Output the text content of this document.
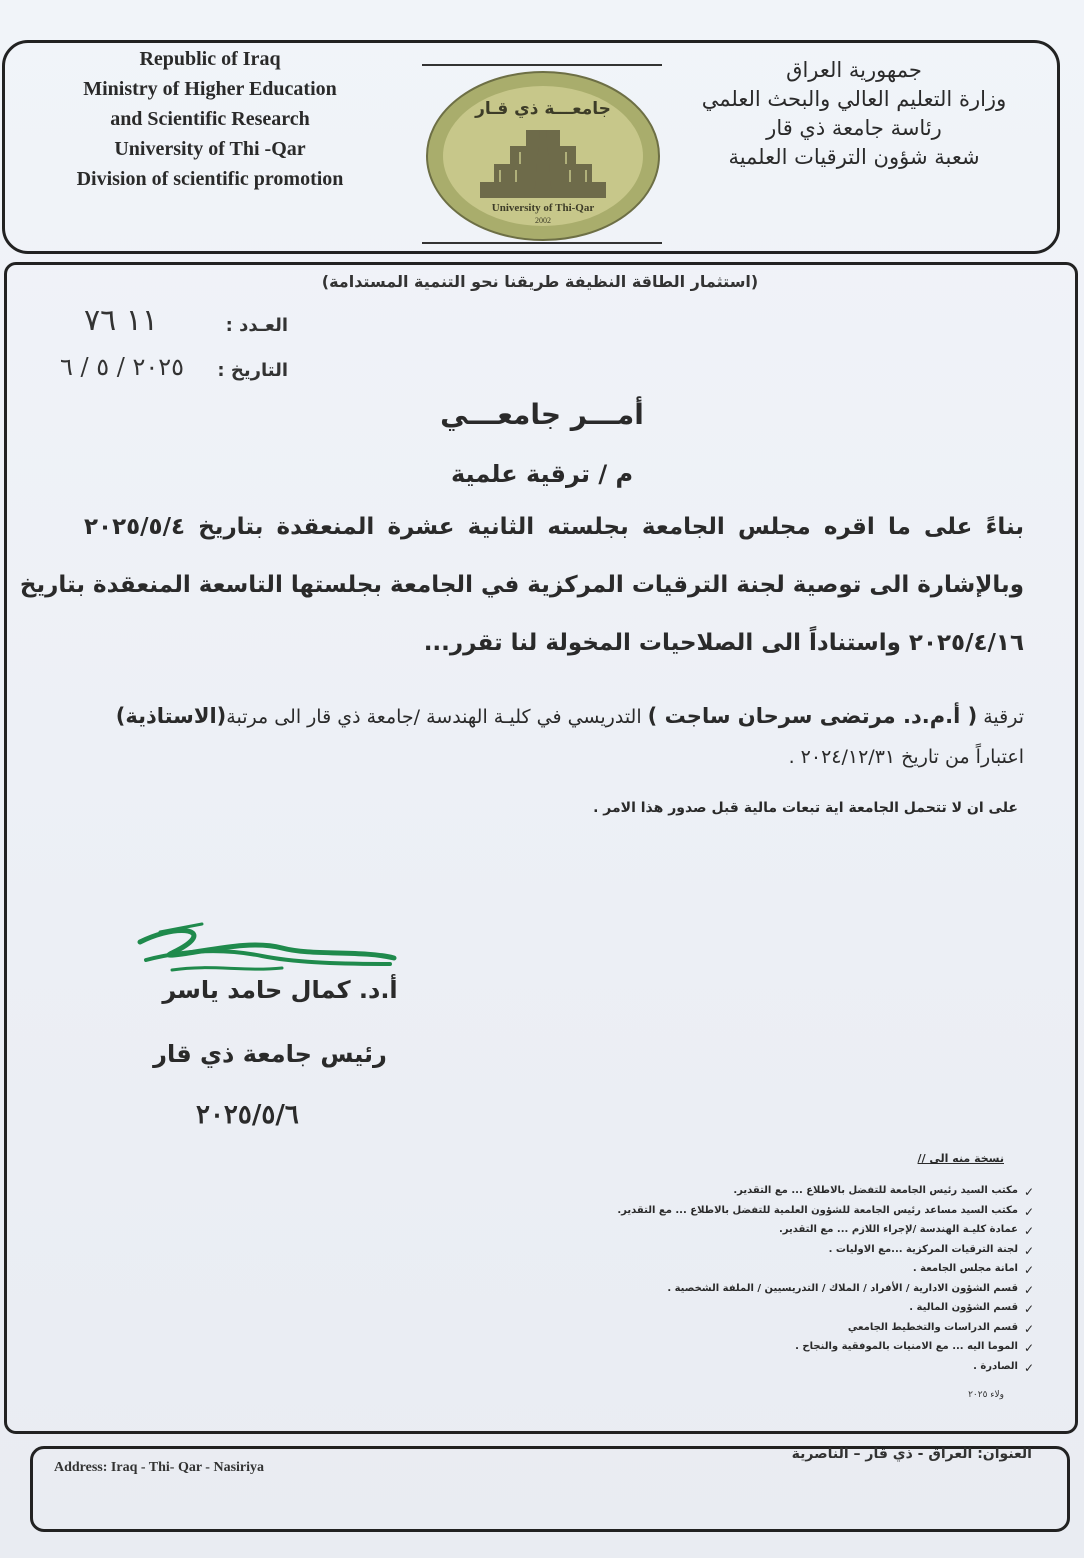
Republic of Iraq
Ministry of Higher Education
and Scientific Research
University of Thi -Qar
Division of scientific promotion
جمهورية العراق
وزارة التعليم العالي والبحث العلمي
رئاسة جامعة ذي قار
شعبة شؤون الترقيات العلمية
جامعـــة ذي قـار
University of Thi-Qar
2002
(استثمار الطاقة النظيفة طريقنا نحو التنمية المستدامة)
العـدد :
١١ ٧٦
التاريخ :
٢٠٢٥ / ٥ / ٦
أمـــر جامعـــي
م / ترقية علمية
بناءً على ما اقره مجلس الجامعة بجلسته الثانية عشرة المنعقدة بتاريخ ٢٠٢٥/٥/٤
وبالإشارة الى توصية لجنة الترقيات المركزية في الجامعة بجلستها التاسعة المنعقدة بتاريخ
٢٠٢٥/٤/١٦ واستناداً الى الصلاحيات المخولة لنا تقرر...
ترقية ( أ.م.د. مرتضى سرحان ساجت ) التدريسي في كليـة الهندسة /جامعة ذي قار الى مرتبة(الاستاذية)
اعتباراً من تاريخ ٢٠٢٤/١٢/٣١ .
على ان لا تتحمل الجامعة اية تبعات مالية قبل صدور هذا الامر .
أ.د. كمال حامد ياسر
رئيس جامعة ذي قار
٢٠٢٥/٥/٦
نسخة منه الى //
✓
مكتب السيد رئيس الجامعة للتفضل بالاطلاع ... مع التقدير.
✓
مكتب السيد مساعد رئيس الجامعة للشؤون العلمية للتفضل بالاطلاع ... مع التقدير.
✓
عمادة كليـة الهندسة /لإجراء اللازم ... مع التقدير.
✓
لجنة الترقيات المركزية ...مع الاوليات .
✓
امانة مجلس الجامعة .
✓
قسم الشؤون الادارية / الأفراد / الملاك / التدريسيين / الملفة الشخصية .
✓
قسم الشؤون المالية .
✓
قسم الدراسات والتخطيط الجامعي
✓
الموما اليه ... مع الامنيات بالموفقية والنجاح .
✓
الصادرة .
ولاء ٢٠٢٥
Address: Iraq - Thi- Qar - Nasiriya
العنوان: العراق - ذي قار – الناصرية
